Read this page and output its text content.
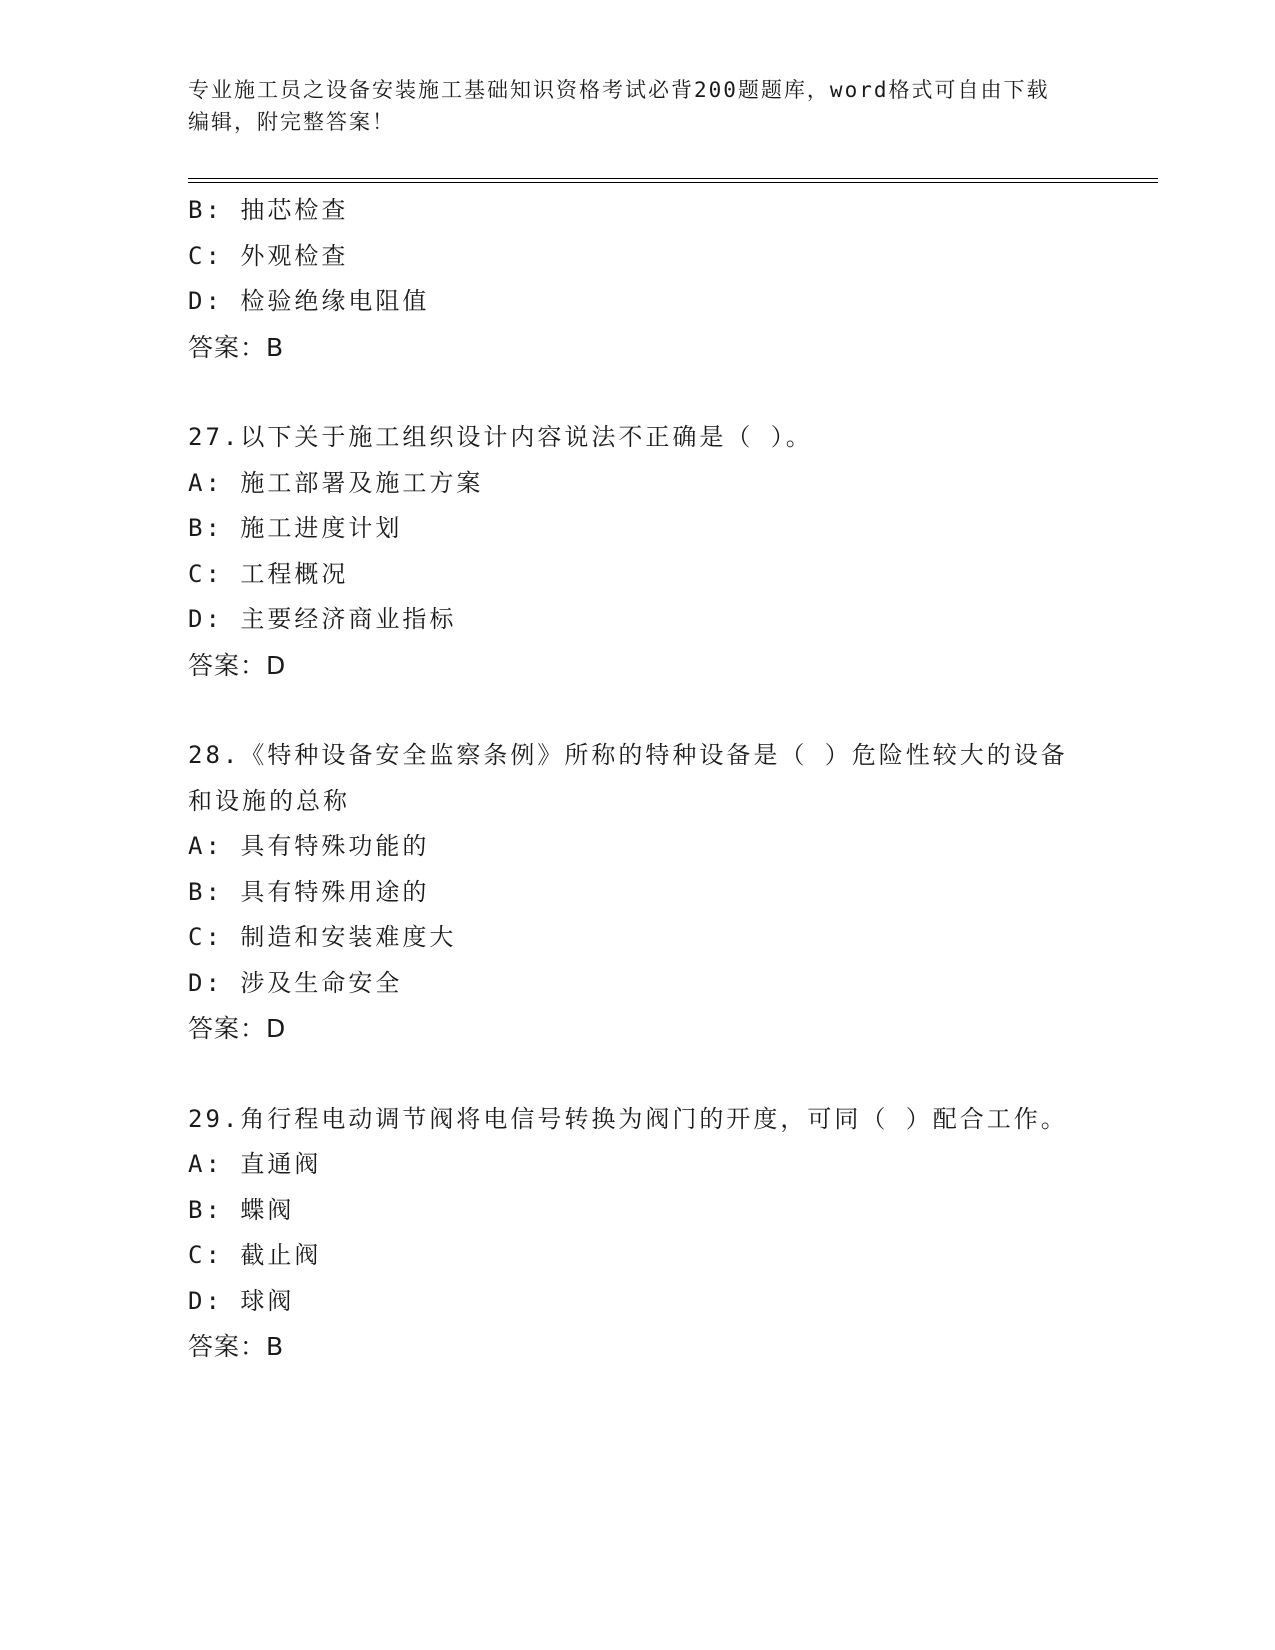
专业施工员之设备安装施工基础知识资格考试必背200题题库，word格式可自由下载编辑，附完整答案！
B: 抽芯检查
C: 外观检查
D: 检验绝缘电阻值
答案：B
27.以下关于施工组织设计内容说法不正确是（ ）。
A: 施工部署及施工方案
B: 施工进度计划
C: 工程概况
D: 主要经济商业指标
答案：D
28.《特种设备安全监察条例》所称的特种设备是（ ）危险性较大的设备和设施的总称
A: 具有特殊功能的
B: 具有特殊用途的
C: 制造和安装难度大
D: 涉及生命安全
答案：D
29.角行程电动调节阀将电信号转换为阀门的开度，可同（ ）配合工作。
A: 直通阀
B: 蝶阀
C: 截止阀
D: 球阀
答案：B
